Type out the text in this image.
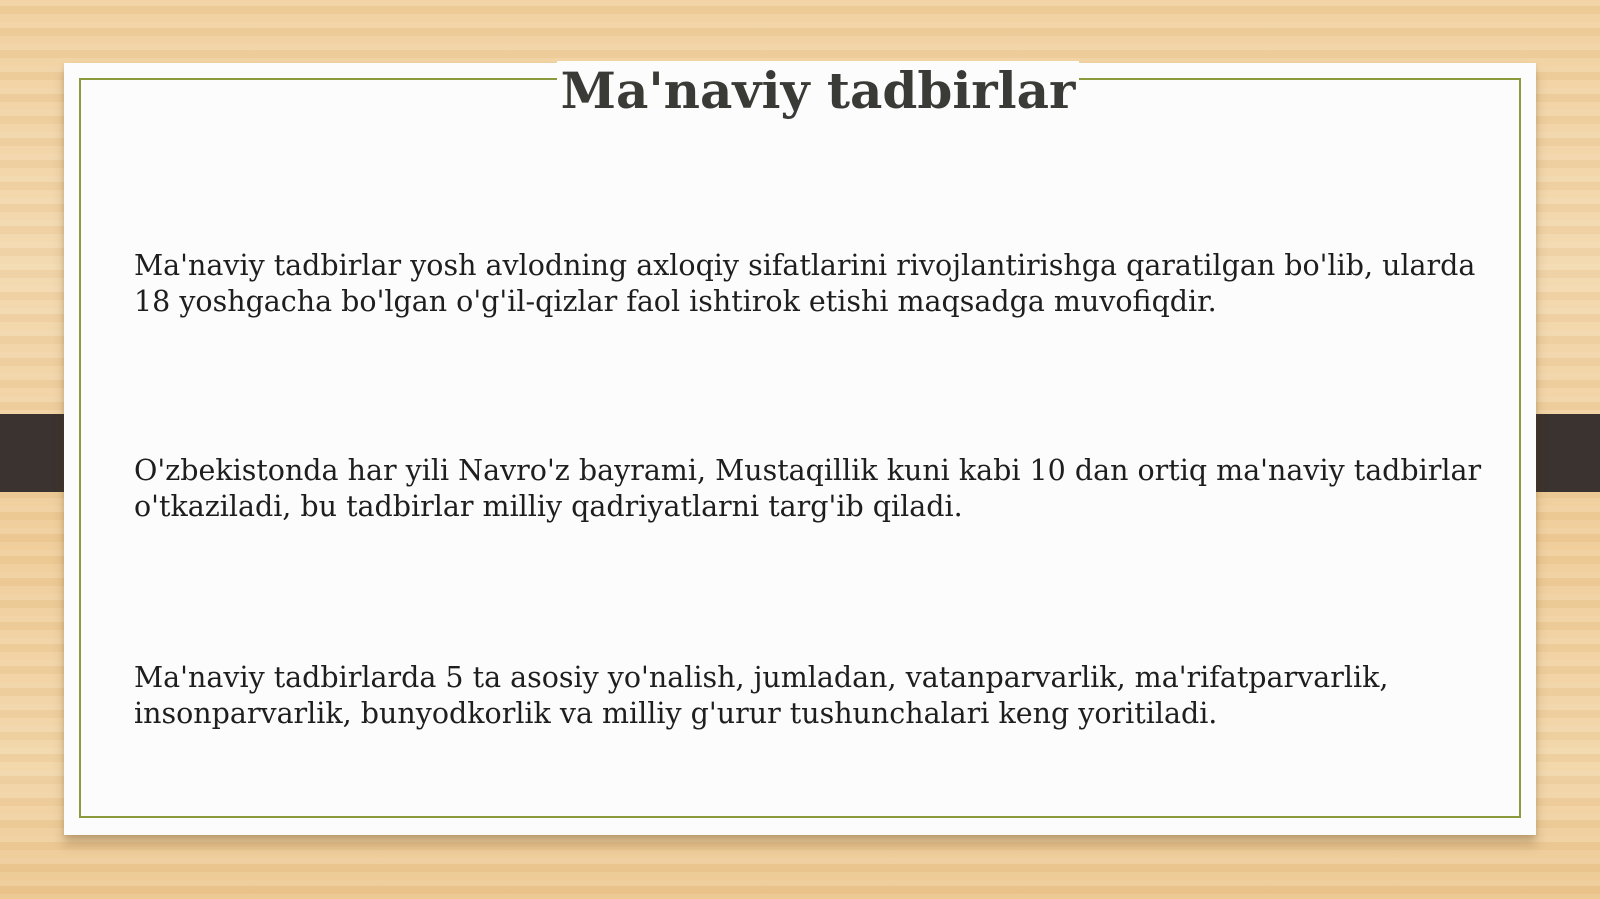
Ma'naviy tadbirlar

Ma'naviy tadbirlar yosh avlodning axloqiy sifatlarini rivojlantirishga qaratilgan bo'lib, ularda
18 yoshgacha bo'lgan o'g'il-qizlar faol ishtirok etishi maqsadga muvofiqdir.

O'zbekistonda har yili Navro'z bayrami, Mustaqillik kuni kabi 10 dan ortiq ma'naviy tadbirlar
o'tkaziladi, bu tadbirlar milliy qadriyatlarni targ'ib qiladi.

Ma'naviy tadbirlarda 5 ta asosiy yo'nalish, jumladan, vatanparvarlik, ma'rifatparvarlik,
insonparvarlik, bunyodkorlik va milliy g'urur tushunchalari keng yoritiladi.
